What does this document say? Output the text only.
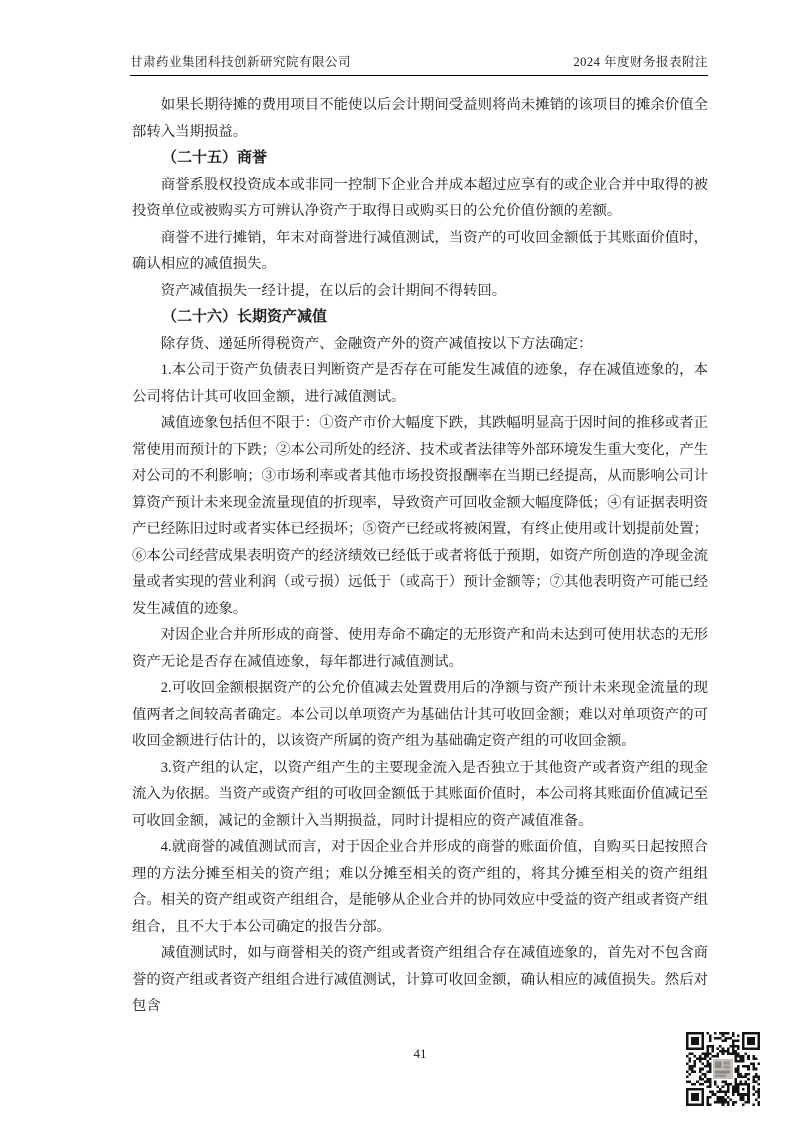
甘肃药业集团科技创新研究院有限公司	2024 年度财务报表附注
如果长期待摊的费用项目不能使以后会计期间受益则将尚未摊销的该项目的摊余价值全部转入当期损益。
（二十五）商誉
商誉系股权投资成本或非同一控制下企业合并成本超过应享有的或企业合并中取得的被投资单位或被购买方可辨认净资产于取得日或购买日的公允价值份额的差额。
商誉不进行摊销，年末对商誉进行减值测试，当资产的可收回金额低于其账面价值时，确认相应的减值损失。
资产减值损失一经计提，在以后的会计期间不得转回。
（二十六）长期资产减值
除存货、递延所得税资产、金融资产外的资产减值按以下方法确定：
1.本公司于资产负债表日判断资产是否存在可能发生减值的迹象，存在减值迹象的，本公司将估计其可收回金额，进行减值测试。
减值迹象包括但不限于：①资产市价大幅度下跌，其跌幅明显高于因时间的推移或者正常使用而预计的下跌；②本公司所处的经济、技术或者法律等外部环境发生重大变化，产生对公司的不利影响；③市场利率或者其他市场投资报酬率在当期已经提高，从而影响公司计算资产预计未来现金流量现值的折现率，导致资产可回收金额大幅度降低；④有证据表明资产已经陈旧过时或者实体已经损坏；⑤资产已经或将被闲置，有终止使用或计划提前处置；⑥本公司经营成果表明资产的经济绩效已经低于或者将低于预期，如资产所创造的净现金流量或者实现的营业利润（或亏损）远低于（或高于）预计金额等；⑦其他表明资产可能已经发生减值的迹象。
对因企业合并所形成的商誉、使用寿命不确定的无形资产和尚未达到可使用状态的无形资产无论是否存在减值迹象，每年都进行减值测试。
2.可收回金额根据资产的公允价值减去处置费用后的净额与资产预计未来现金流量的现值两者之间较高者确定。本公司以单项资产为基础估计其可收回金额；难以对单项资产的可收回金额进行估计的，以该资产所属的资产组为基础确定资产组的可收回金额。
3.资产组的认定，以资产组产生的主要现金流入是否独立于其他资产或者资产组的现金流入为依据。当资产或资产组的可收回金额低于其账面价值时，本公司将其账面价值减记至可收回金额，减记的金额计入当期损益，同时计提相应的资产减值准备。
4.就商誉的减值测试而言，对于因企业合并形成的商誉的账面价值，自购买日起按照合理的方法分摊至相关的资产组；难以分摊至相关的资产组的，将其分摊至相关的资产组组合。相关的资产组或资产组组合，是能够从企业合并的协同效应中受益的资产组或者资产组组合，且不大于本公司确定的报告分部。
减值测试时，如与商誉相关的资产组或者资产组组合存在减值迹象的，首先对不包含商誉的资产组或者资产组组合进行减值测试，计算可收回金额，确认相应的减值损失。然后对包含
41
